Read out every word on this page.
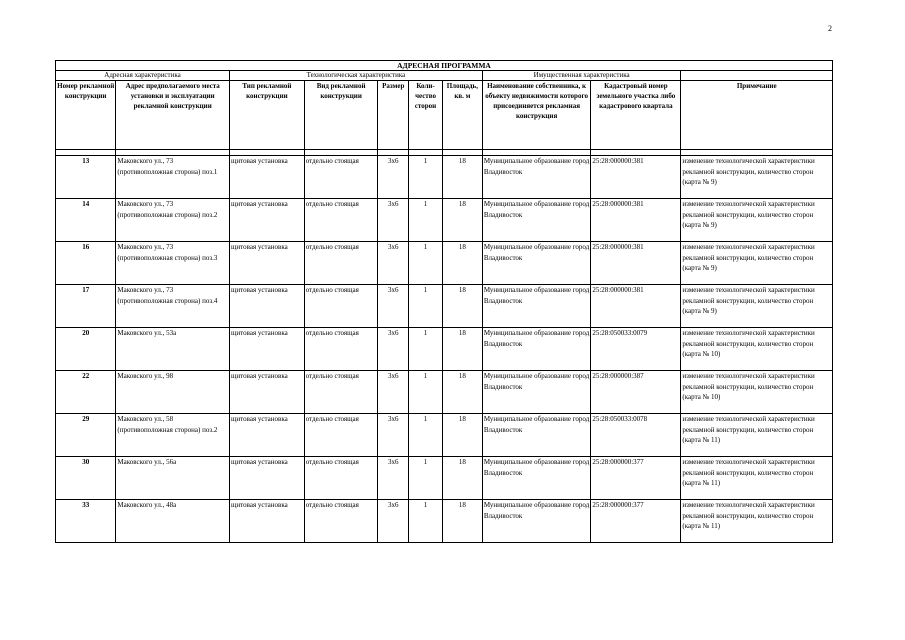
2
АДРЕСНАЯ ПРОГРАММА									
Адресная характеристика		Технологическая характеристика					Имущественная характеристика		
Номер рекламной конструкции	Адрес предполагаемого места установки и эксплуатации рекламной конструкции	Тип рекламной конструкции	Вид рекламной конструкции	Размер	Коли-чество сторон	Площадь, кв. м	Наименование собственника, к объекту недвижимости которого присоединяется рекламная конструкция	Кадастровый номер земельного участка либо кадастрового квартала	Примечание

13	Маковского ул., 73 (противоположная сторона) поз.1	щитовая установка	отдельно стоящая	3x6	1	18	Муниципальное образование город Владивосток	25:28:000000:381	изменение технологической характеристики рекламной конструкции, количество сторон (карта № 9)
14	Маковского ул., 73 (противоположная сторона) поз.2	щитовая установка	отдельно стоящая	3x6	1	18	Муниципальное образование город Владивосток	25:28:000000:381	изменение технологической характеристики рекламной конструкции, количество сторон (карта № 9)
16	Маковского ул., 73 (противоположная сторона) поз.3	щитовая установка	отдельно стоящая	3x6	1	18	Муниципальное образование город Владивосток	25:28:000000:381	изменение технологической характеристики рекламной конструкции, количество сторон (карта № 9)
17	Маковского ул., 73 (противоположная сторона) поз.4	щитовая установка	отдельно стоящая	3x6	1	18	Муниципальное образование город Владивосток	25:28:000000:381	изменение технологической характеристики рекламной конструкции, количество сторон (карта № 9)
20	Маковского ул., 53а	щитовая установка	отдельно стоящая	3x6	1	18	Муниципальное образование город Владивосток	25:28:050033:0079	изменение технологической характеристики рекламной конструкции, количество сторон (карта № 10)
22	Маковского ул., 98	щитовая установка	отдельно стоящая	3x6	1	18	Муниципальное образование город Владивосток	25:28:000000:387	изменение технологической характеристики рекламной конструкции, количество сторон (карта № 10)
29	Маковского ул., 58 (противоположная сторона) поз.2	щитовая установка	отдельно стоящая	3x6	1	18	Муниципальное образование город Владивосток	25:28:050033:0078	изменение технологической характеристики рекламной конструкции, количество сторон (карта № 11)
30	Маковского ул., 56а	щитовая установка	отдельно стоящая	3x6	1	18	Муниципальное образование город Владивосток	25:28:000000:377	изменение технологической характеристики рекламной конструкции, количество сторон (карта № 11)
33	Маковского ул., 48а	щитовая установка	отдельно стоящая	3x6	1	18	Муниципальное образование город Владивосток	25:28:000000:377	изменение технологической характеристики рекламной конструкции, количество сторон (карта № 11)
